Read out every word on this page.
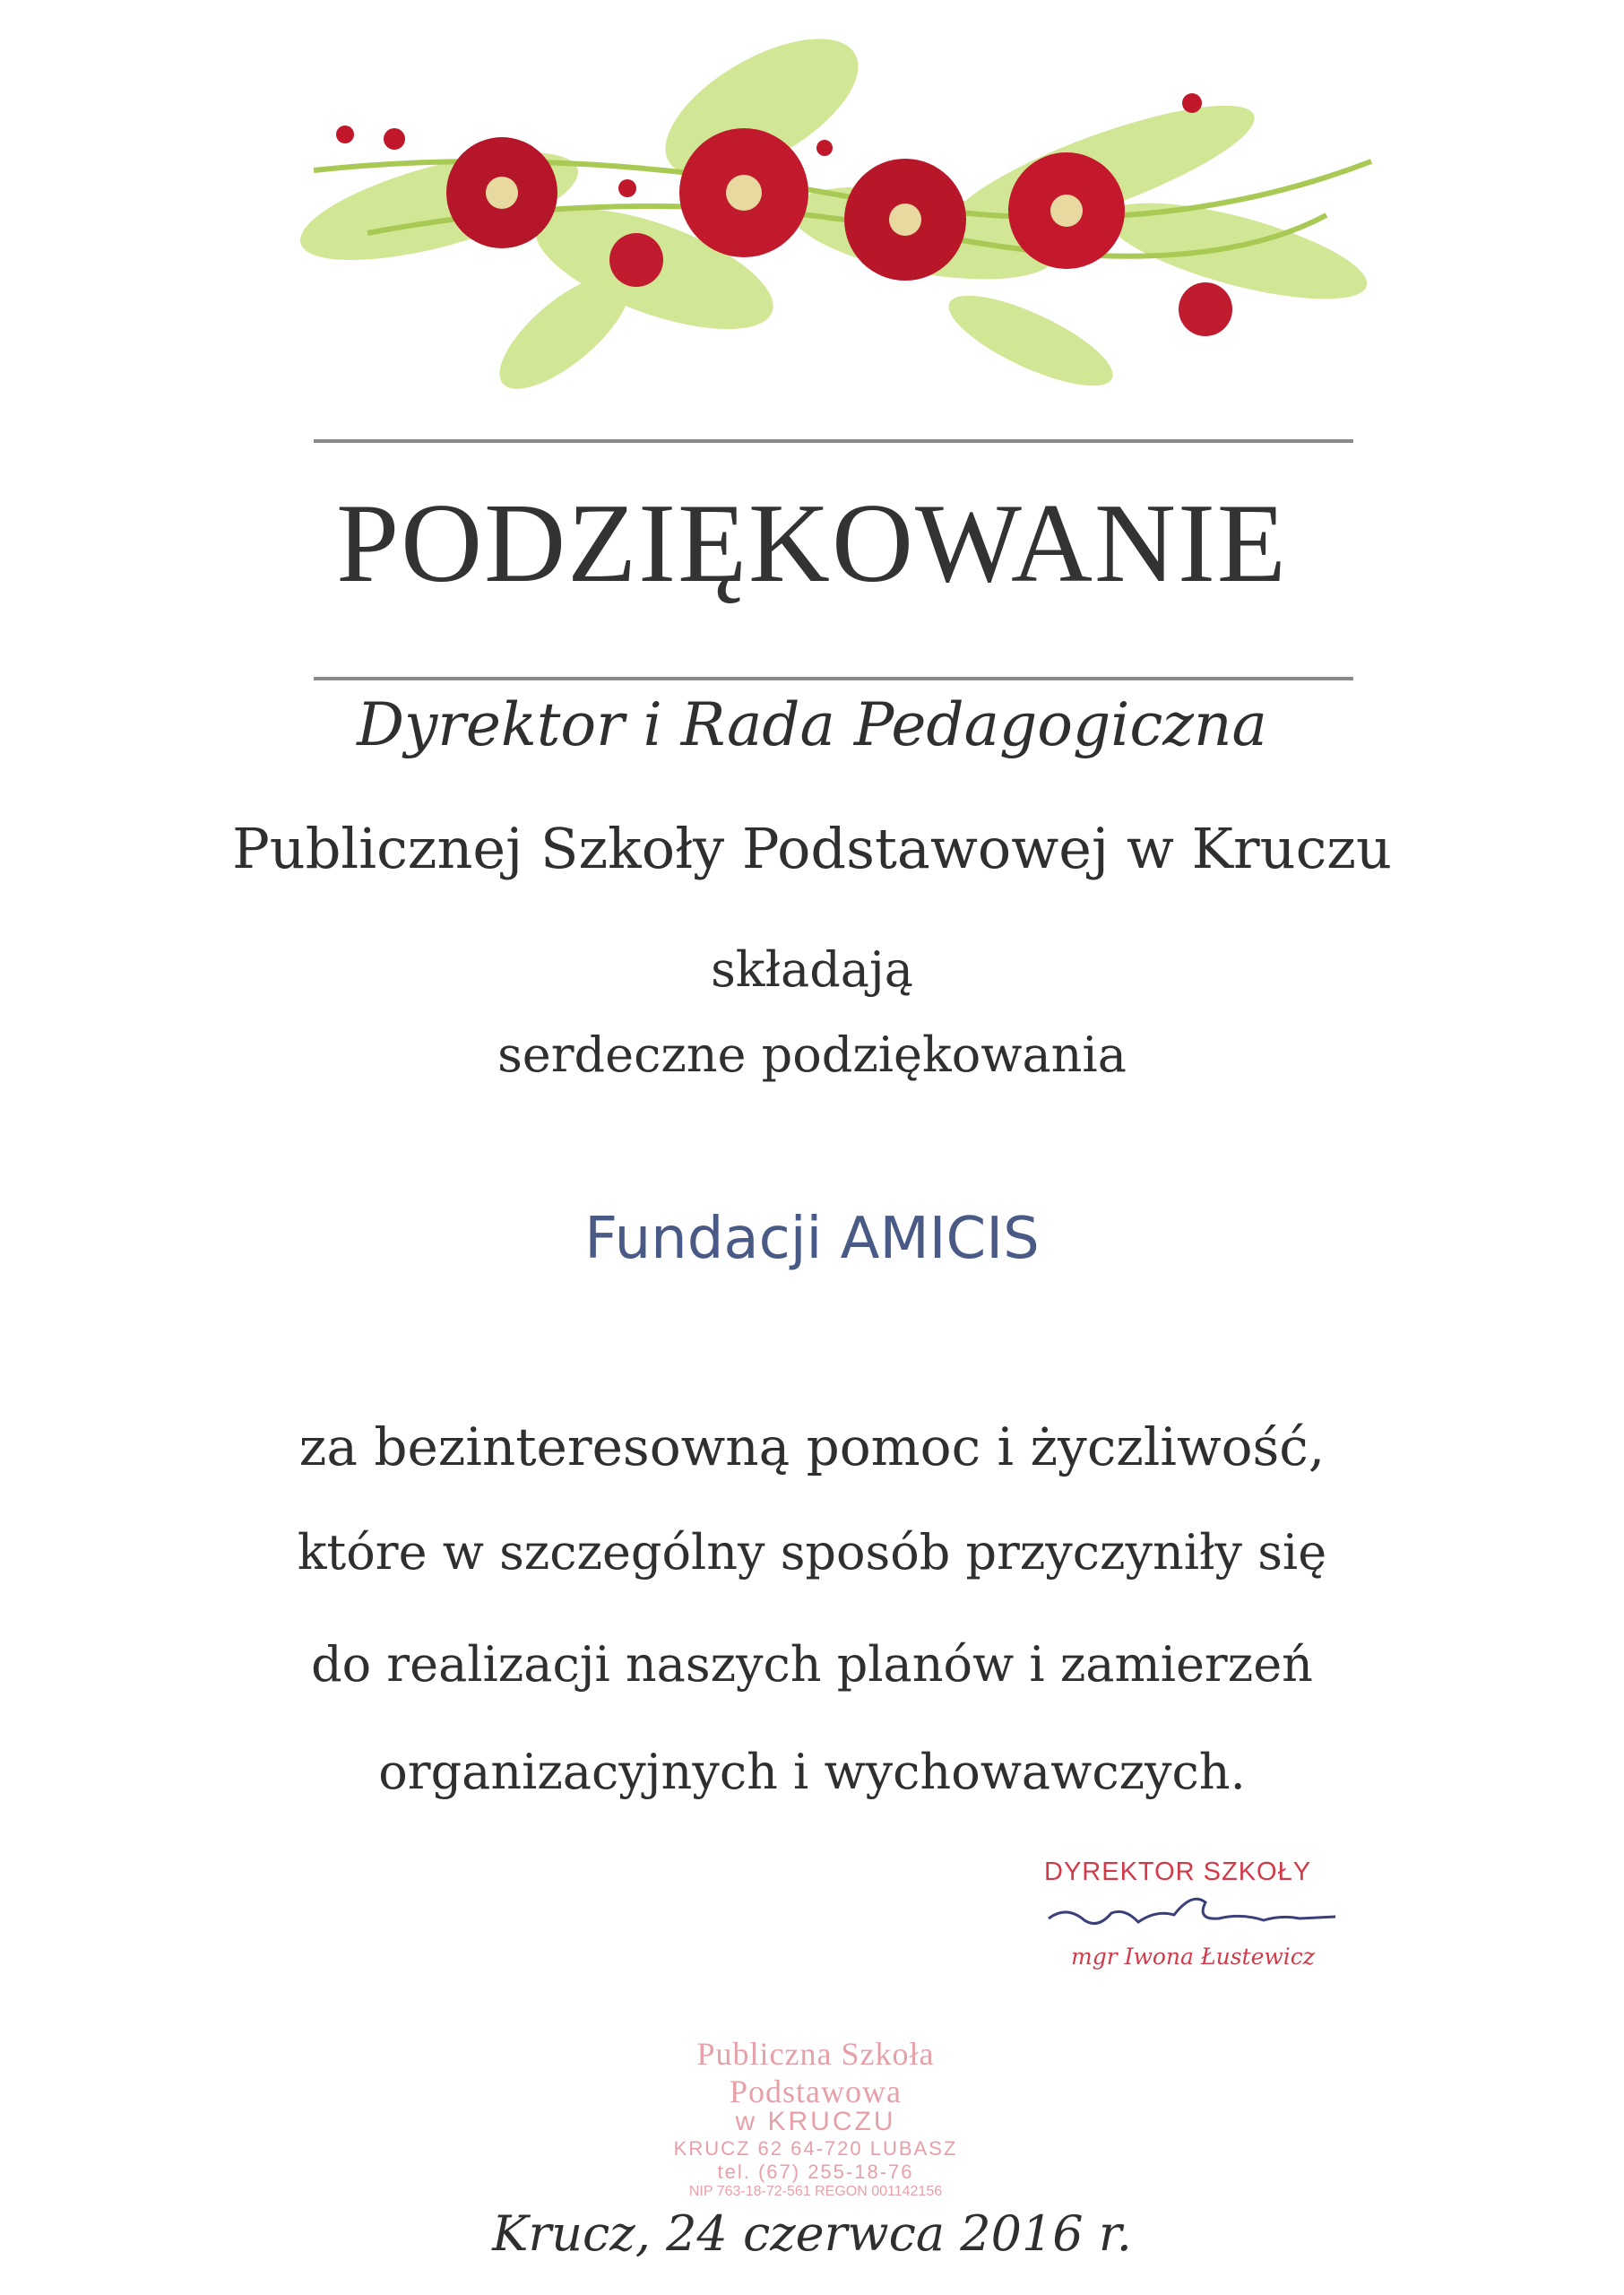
PODZIĘKOWANIE
Dyrektor i Rada Pedagogiczna
Publicznej Szkoły Podstawowej w Kruczu
składają
serdeczne podziękowania
Fundacji AMICIS
za bezinteresowną pomoc i życzliwość,
które w szczególny sposób przyczyniły się
do realizacji naszych planów i zamierzeń
organizacyjnych i wychowawczych.
DYREKTOR SZKOŁY
mgr Iwona Łustewicz
Publiczna Szkoła Podstawowa
w KRUCZU
KRUCZ 62 64-720 LUBASZ
tel. (67) 255-18-76
NIP 763-18-72-561 REGON 001142156
Krucz, 24 czerwca 2016 r.
